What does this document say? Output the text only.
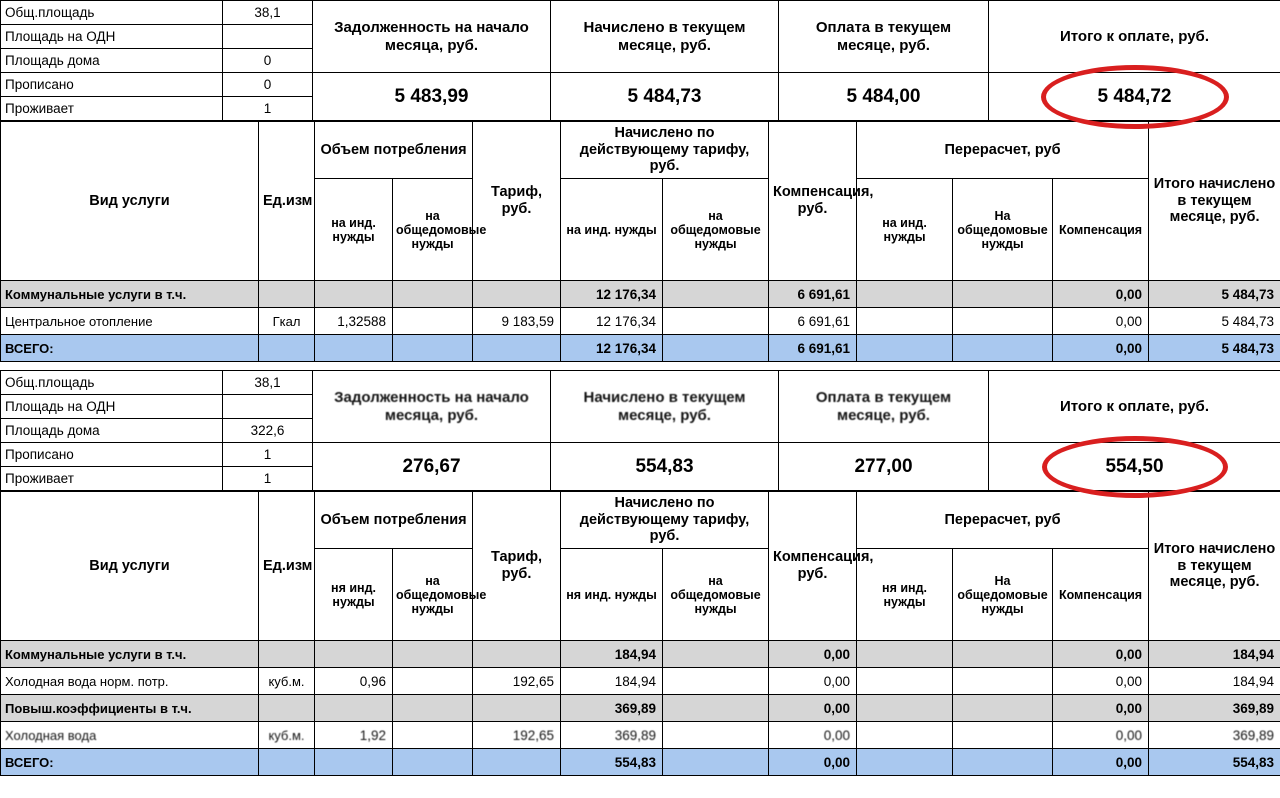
Общ.площадь	38,1	Задолженность на начало месяца, руб.	Начислено в текущем месяце, руб.	Оплата в текущем месяце, руб.	Итого к оплате, руб.
Площадь на ОДН					
Площадь дома	0				
Прописано	0	5 483,99	5 484,73	5 484,00	5 484,72

Проживает	1				
Вид услуги	Ед.изм	Объем потребления		Тариф, руб.	Начислено по действующему тарифу, руб.		Компенсация, руб.	Перерасчет, руб			Итого начислено в текущем месяце, руб.
		на инд. нужды	на общедомовые нужды		на инд. нужды	на общедомовые нужды		на инд. нужды	На общедомовые нужды	Компенсация	

Коммунальные услуги в т.ч.					12 176,34		6 691,61			0,00	5 484,73
Центральное отопление	Гкал	1,32588		9 183,59	12 176,34		6 691,61			0,00	5 484,73
ВСЕГО:					12 176,34		6 691,61			0,00	5 484,73
Общ.площадь	38,1	Задолженность на начало месяца, руб.	Начислено в текущем месяце, руб.	Оплата в текущем месяце, руб.	Итого к оплате, руб.
Площадь на ОДН					
Площадь дома	322,6				
Прописано	1	276,67	554,83	277,00	554,50

Проживает	1				
Вид услуги	Ед.изм	Объем потребления		Тариф, руб.	Начислено по действующему тарифу, руб.		Компенсация, руб.	Перерасчет, руб			Итого начислено в текущем месяце, руб.
		ня инд. нужды	на общедомовые нужды		ня инд. нужды	на общедомовые нужды		ня инд. нужды	На общедомовые нужды	Компенсация	

Коммунальные услуги в т.ч.					184,94		0,00			0,00	184,94
Холодная вода норм. потр.	куб.м.	0,96		192,65	184,94		0,00			0,00	184,94
Повыш.коэффициенты в т.ч.					369,89		0,00			0,00	369,89
Холодная вода	куб.м.	1,92		192,65	369,89		0,00			0,00	369,89
ВСЕГО:					554,83		0,00			0,00	554,83
